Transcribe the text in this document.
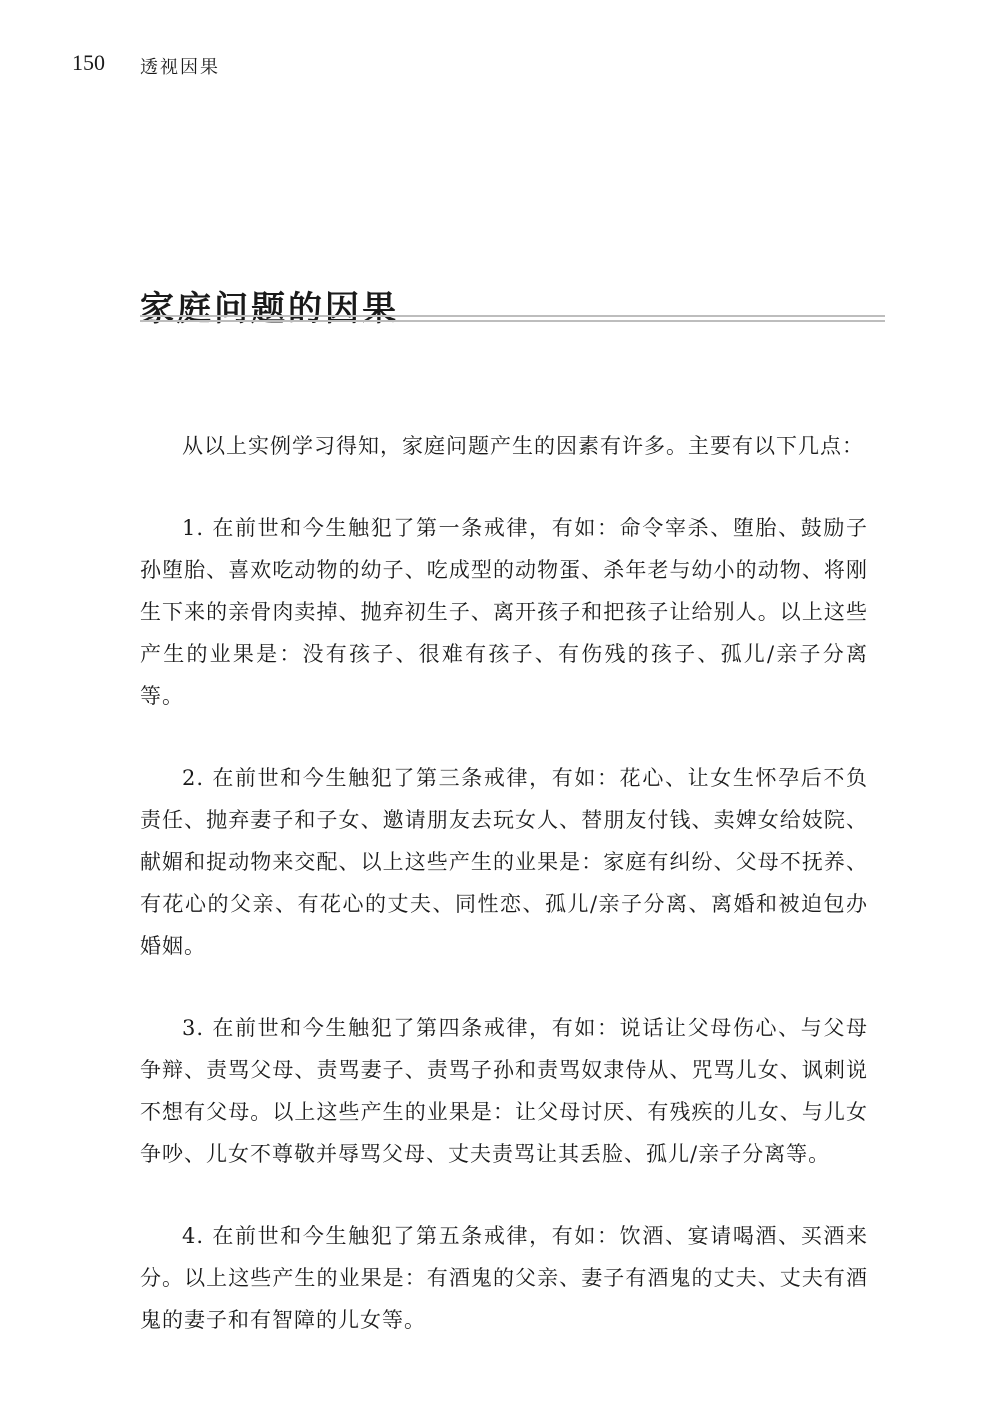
150 透视因果
家庭问题的因果

从以上实例学习得知，家庭问题产生的因素有许多。主要有以下几点：

1. 在前世和今生触犯了第一条戒律，有如：命令宰杀、堕胎、鼓励子孙堕胎、喜欢吃动物的幼子、吃成型的动物蛋、杀年老与幼小的动物、将刚生下来的亲骨肉卖掉、抛弃初生子、离开孩子和把孩子让给别人。以上这些产生的业果是：没有孩子、很难有孩子、有伤残的孩子、孤儿/亲子分离等。

2. 在前世和今生触犯了第三条戒律，有如：花心、让女生怀孕后不负责任、抛弃妻子和子女、邀请朋友去玩女人、替朋友付钱、卖婢女给妓院、献媚和捉动物来交配、以上这些产生的业果是：家庭有纠纷、父母不抚养、有花心的父亲、有花心的丈夫、同性恋、孤儿/亲子分离、离婚和被迫包办婚姻。

3. 在前世和今生触犯了第四条戒律，有如：说话让父母伤心、与父母争辩、责骂父母、责骂妻子、责骂子孙和责骂奴隶侍从、咒骂儿女、讽刺说不想有父母。以上这些产生的业果是：让父母讨厌、有残疾的儿女、与儿女争吵、儿女不尊敬并辱骂父母、丈夫责骂让其丢脸、孤儿/亲子分离等。

4. 在前世和今生触犯了第五条戒律，有如：饮酒、宴请喝酒、买酒来分。以上这些产生的业果是：有酒鬼的父亲、妻子有酒鬼的丈夫、丈夫有酒鬼的妻子和有智障的儿女等。
